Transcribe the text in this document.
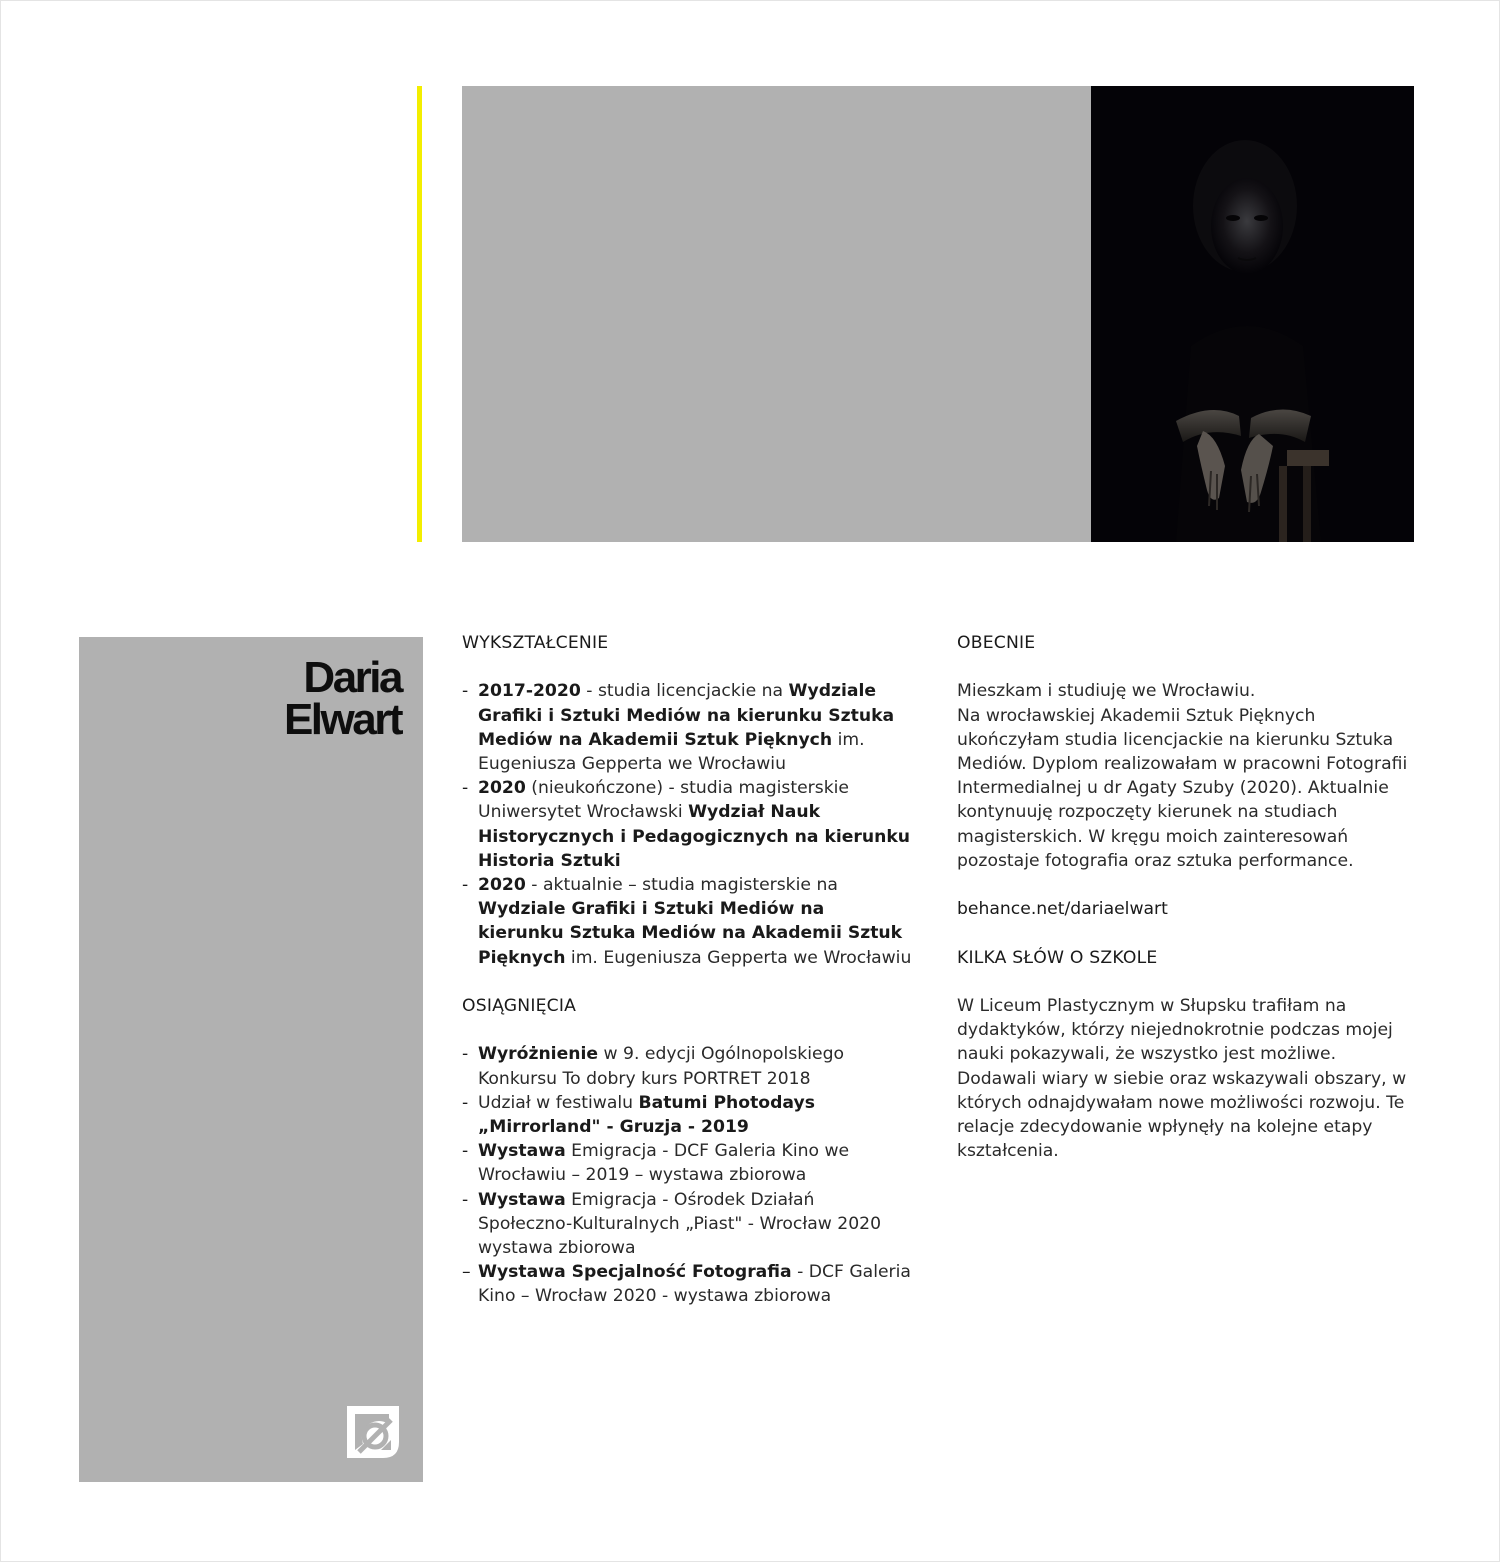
Daria
Elwart
WYKSZTAŁCENIE
- 2017-2020 - studia licencjackie na Wydziale Grafiki i Sztuki Mediów na kierunku Sztuka Mediów na Akademii Sztuk Pięknych im. Eugeniusza Gepperta we Wrocławiu
- 2020 (nieukończone) - studia magisterskie Uniwersytet Wrocławski Wydział Nauk Historycznych i Pedagogicznych na kierunku Historia Sztuki
- 2020 - aktualnie – studia magisterskie na Wydziale Grafiki i Sztuki Mediów na kierunku Sztuka Mediów na Akademii Sztuk Pięknych im. Eugeniusza Gepperta we Wrocławiu
OSIĄGNIĘCIA
- Wyróżnienie w 9. edycji Ogólnopolskiego Konkursu To dobry kurs PORTRET 2018
- Udział w festiwalu Batumi Photodays „Mirrorland" - Gruzja - 2019
- Wystawa Emigracja - DCF Galeria Kino we Wrocławiu – 2019 – wystawa zbiorowa
- Wystawa Emigracja - Ośrodek Działań Społeczno-Kulturalnych „Piast" - Wrocław 2020 wystawa zbiorowa
– Wystawa Specjalność Fotografia - DCF Galeria Kino – Wrocław 2020 - wystawa zbiorowa
OBECNIE

Mieszkam i studiuję we Wrocławiu.

Na wrocławskiej Akademii Sztuk Pięknych ukończyłam studia licencjackie na kierunku Sztuka Mediów. Dyplom realizowałam w pracowni Fotografii Intermedialnej u dr Agaty Szuby (2020). Aktualnie kontynuuję rozpoczęty kierunek na studiach magisterskich. W kręgu moich zainteresowań pozostaje fotografia oraz sztuka performance.

behance.net/dariaelwart

KILKA SŁÓW O SZKOLE

W Liceum Plastycznym w Słupsku trafiłam na dydaktyków, którzy niejednokrotnie podczas mojej nauki pokazywali, że wszystko jest możliwe. Dodawali wiary w siebie oraz wskazywali obszary, w których odnajdywałam nowe możliwości rozwoju. Te relacje zdecydowanie wpłynęły na kolejne etapy kształcenia.
